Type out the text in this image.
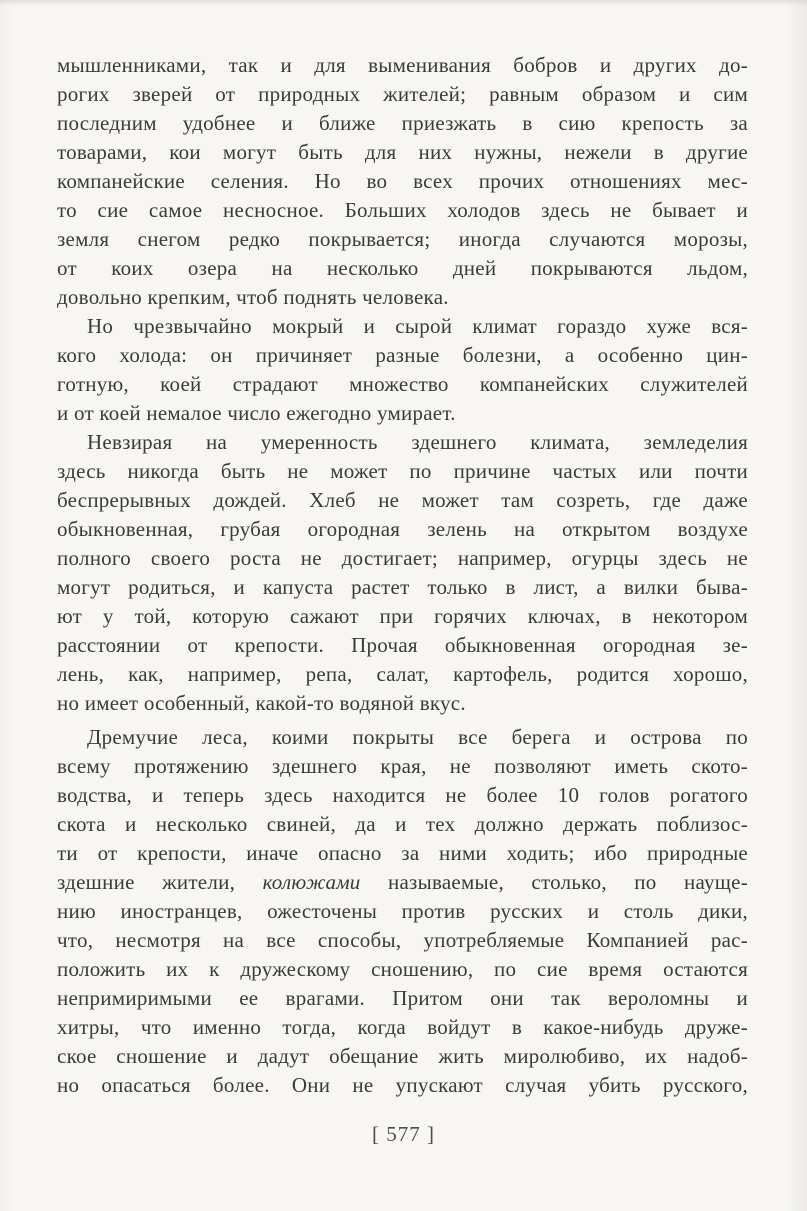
мышленниками, так и для выменивания бобров и других до-
рогих зверей от природных жителей; равным образом и сим
последним удобнее и ближе приезжать в сию крепость за
товарами, кои могут быть для них нужны, нежели в другие
компанейские селения. Но во всех прочих отношениях мес-
то сие самое несносное. Больших холодов здесь не бывает и
земля снегом редко покрывается; иногда случаются морозы,
от коих озера на несколько дней покрываются льдом,
довольно крепким, чтоб поднять человека.
Но чрезвычайно мокрый и сырой климат гораздо хуже вся-
кого холода: он причиняет разные болезни, а особенно цин-
готную, коей страдают множество компанейских служителей
и от коей немалое число ежегодно умирает.
Невзирая на умеренность здешнего климата, земледелия
здесь никогда быть не может по причине частых или почти
беспрерывных дождей. Хлеб не может там созреть, где даже
обыкновенная, грубая огородная зелень на открытом воздухе
полного своего роста не достигает; например, огурцы здесь не
могут родиться, и капуста растет только в лист, а вилки быва-
ют у той, которую сажают при горячих ключах, в некотором
расстоянии от крепости. Прочая обыкновенная огородная зе-
лень, как, например, репа, салат, картофель, родится хорошо,
но имеет особенный, какой-то водяной вкус.
Дремучие леса, коими покрыты все берега и острова по
всему протяжению здешнего края, не позволяют иметь ското-
водства, и теперь здесь находится не более 10 голов рогатого
скота и несколько свиней, да и тех должно держать поблизос-
ти от крепости, иначе опасно за ними ходить; ибо природные
здешние жители, колюжами называемые, столько, по науще-
нию иностранцев, ожесточены против русских и столь дики,
что, несмотря на все способы, употребляемые Компанией рас-
положить их к дружескому сношению, по сие время остаются
непримиримыми ее врагами. Притом они так вероломны и
хитры, что именно тогда, когда войдут в какое-нибудь друже-
ское сношение и дадут обещание жить миролюбиво, их надоб-
но опасаться более. Они не упускают случая убить русского,
[ 577 ]
